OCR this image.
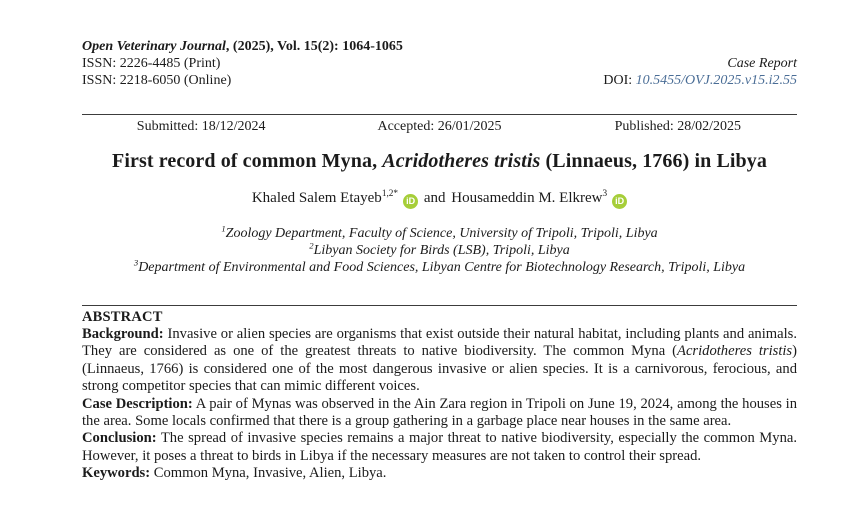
Open Veterinary Journal, (2025), Vol. 15(2): 1064-1065
ISSN: 2226-4485 (Print)
ISSN: 2218-6050 (Online)
Case Report
DOI: 10.5455/OVJ.2025.v15.i2.55
Submitted: 18/12/2024	Accepted: 26/01/2025	Published: 28/02/2025
First record of common Myna, Acridotheres tristis (Linnaeus, 1766) in Libya
Khaled Salem Etayeb$^{1,2*}$iD and Housameddin M. Elkrew$^3$iD
$^1$Zoology Department, Faculty of Science, University of Tripoli, Tripoli, Libya
$^2$Libyan Society for Birds (LSB), Tripoli, Libya
$^3$Department of Environmental and Food Sciences, Libyan Centre for Biotechnology Research, Tripoli, Libya
ABSTRACT

Background: Invasive or alien species are organisms that exist outside their natural habitat, including plants and animals. They are considered as one of the greatest threats to native biodiversity. The common Myna (Acridotheres tristis) (Linnaeus, 1766) is considered one of the most dangerous invasive or alien species. It is a carnivorous, ferocious, and strong competitor species that can mimic different voices.

Case Description: A pair of Mynas was observed in the Ain Zara region in Tripoli on June 19, 2024, among the houses in the area. Some locals confirmed that there is a group gathering in a garbage place near houses in the same area.

Conclusion: The spread of invasive species remains a major threat to native biodiversity, especially the common Myna. However, it poses a threat to birds in Libya if the necessary measures are not taken to control their spread.

Keywords: Common Myna, Invasive, Alien, Libya.
